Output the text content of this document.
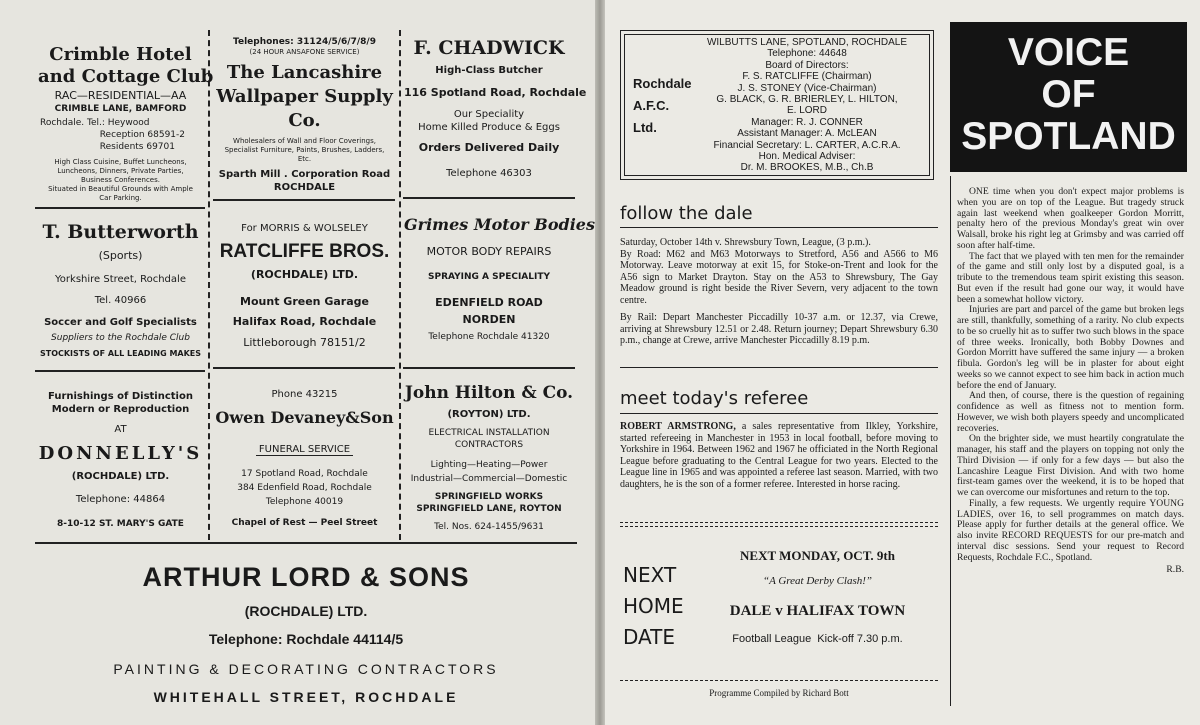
Crimble Hotel
and Cottage Club
RAC—RESIDENTIAL—AA
CRIMBLE LANE, BAMFORD
Rochdale. Tel.: Heywood
Reception 68591-2
Residents 69701
High Class Cuisine, Buffet Luncheons,
Luncheons, Dinners, Private Parties,
Business Conferences.
Situated in Beautiful Grounds with Ample
Car Parking.
Telephones: 31124/5/6/7/8/9
(24 HOUR ANSAFONE SERVICE)
The Lancashire
Wallpaper Supply
Co.
Wholesalers of Wall and Floor Coverings,
Specialist Furniture, Paints, Brushes, Ladders,
Etc.
Sparth Mill . Corporation Road
ROCHDALE
F. CHADWICK
High-Class Butcher
116 Spotland Road, Rochdale
Our Speciality
Home Killed Produce & Eggs
Orders Delivered Daily
Telephone 46303
T. Butterworth
(Sports)
Yorkshire Street, Rochdale
Tel. 40966
Soccer and Golf Specialists
Suppliers to the Rochdale Club
STOCKISTS OF ALL LEADING MAKES
For MORRIS & WOLSELEY
RATCLIFFE BROS.
(ROCHDALE) LTD.
Mount Green Garage
Halifax Road, Rochdale
Littleborough 78151/2
Grimes Motor Bodies
MOTOR BODY REPAIRS
SPRAYING A SPECIALITY
EDENFIELD ROAD
NORDEN
Telephone Rochdale 41320
Furnishings of Distinction
Modern or Reproduction
AT
DONNELLY'S
(ROCHDALE) LTD.
Telephone: 44864
8-10-12 ST. MARY'S GATE
Phone 43215
Owen Devaney&Son
FUNERAL SERVICE
17 Spotland Road, Rochdale
384 Edenfield Road, Rochdale
Telephone 40019
Chapel of Rest — Peel Street
John Hilton & Co.
(ROYTON) LTD.
ELECTRICAL INSTALLATION
CONTRACTORS
Lighting—Heating—Power
Industrial—Commercial—Domestic
SPRINGFIELD WORKS
SPRINGFIELD LANE, ROYTON
Tel. Nos. 624-1455/9631
ARTHUR LORD & SONS
(ROCHDALE) LTD.
Telephone: Rochdale 44114/5
PAINTING & DECORATING CONTRACTORS
WHITEHALL STREET, ROCHDALE
Rochdale
A.F.C.
Ltd.
WILBUTTS LANE, SPOTLAND, ROCHDALE
Telephone: 44648
Board of Directors:
F. S. RATCLIFFE (Chairman)
J. S. STONEY (Vice-Chairman)
G. BLACK, G. R. BRIERLEY, L. HILTON,
E. LORD
Manager: R. J. CONNER
Assistant Manager: A. McLEAN
Financial Secretary: L. CARTER, A.C.R.A.
Hon. Medical Adviser:
Dr. M. BROOKES, M.B., Ch.B
VOICE
OF
SPOTLAND
follow the dale
Saturday, October 14th v. Shrewsbury Town, League, (3 p.m.).
By Road: M62 and M63 Motorways to Stretford, A56 and A566 to M6 Motorway. Leave motorway at exit 15, for Stoke-on-Trent and look for the A56 sign to Market Drayton. Stay on the A53 to Shrewsbury, The Gay Meadow ground is right beside the River Severn, very adjacent to the town centre.
By Rail: Depart Manchester Piccadilly 10-37 a.m. or 12.37, via Crewe, arriving at Shrewsbury 12.51 or 2.48. Return journey; Depart Shrewsbury 6.30 p.m., change at Crewe, arrive Manchester Piccadilly 8.19 p.m.
meet today's referee
ROBERT ARMSTRONG, a sales representative from Ilkley, Yorkshire, started refereeing in Manchester in 1953 in local football, before moving to Yorkshire in 1964. Between 1962 and 1967 he officiated in the North Regional League before graduating to the Central League for two years. Elected to the League line in 1965 and was appointed a referee last season. Married, with two daughters, he is the son of a former referee. Interested in horse racing.
NEXT
HOME
DATE
NEXT MONDAY, OCT. 9th
“A Great Derby Clash!”
DALE v HALIFAX TOWN
Football League  Kick-off 7.30 p.m.
Programme Compiled by Richard Bott

ONE time when you don't expect major problems is when you are on top of the League. But tragedy struck again last weekend when goalkeeper Gordon Morritt, penalty hero of the previous Monday's great win over Walsall, broke his right leg at Grimsby and was carried off soon after half-time.

The fact that we played with ten men for the remainder of the game and still only lost by a disputed goal, is a tribute to the tremendous team spirit existing this season. But even if the result had gone our way, it would have been a somewhat hollow victory.

Injuries are part and parcel of the game but broken legs are still, thankfully, something of a rarity. No club expects to be so cruelly hit as to suffer two such blows in the space of three weeks. Ironically, both Bobby Downes and Gordon Morritt have suffered the same injury — a broken fibula. Gordon's leg will be in plaster for about eight weeks so we cannot expect to see him back in action much before the end of January.

And then, of course, there is the question of regaining confidence as well as fitness not to mention form. However, we wish both players speedy and uncomplicated recoveries.

On the brighter side, we must heartily congratulate the manager, his staff and the players on topping not only the Third Division — if only for a few days — but also the Lancashire League First Division. And with two home first-team games over the weekend, it is to be hoped that we can overcome our misfortunes and return to the top.

Finally, a few requests. We urgently require YOUNG LADIES, over 16, to sell programmes on match days. Please apply for further details at the general office. We also invite RECORD REQUESTS for our pre-match and interval disc sessions. Send your request to Record Requests, Rochdale F.C., Spotland.

R.B.
